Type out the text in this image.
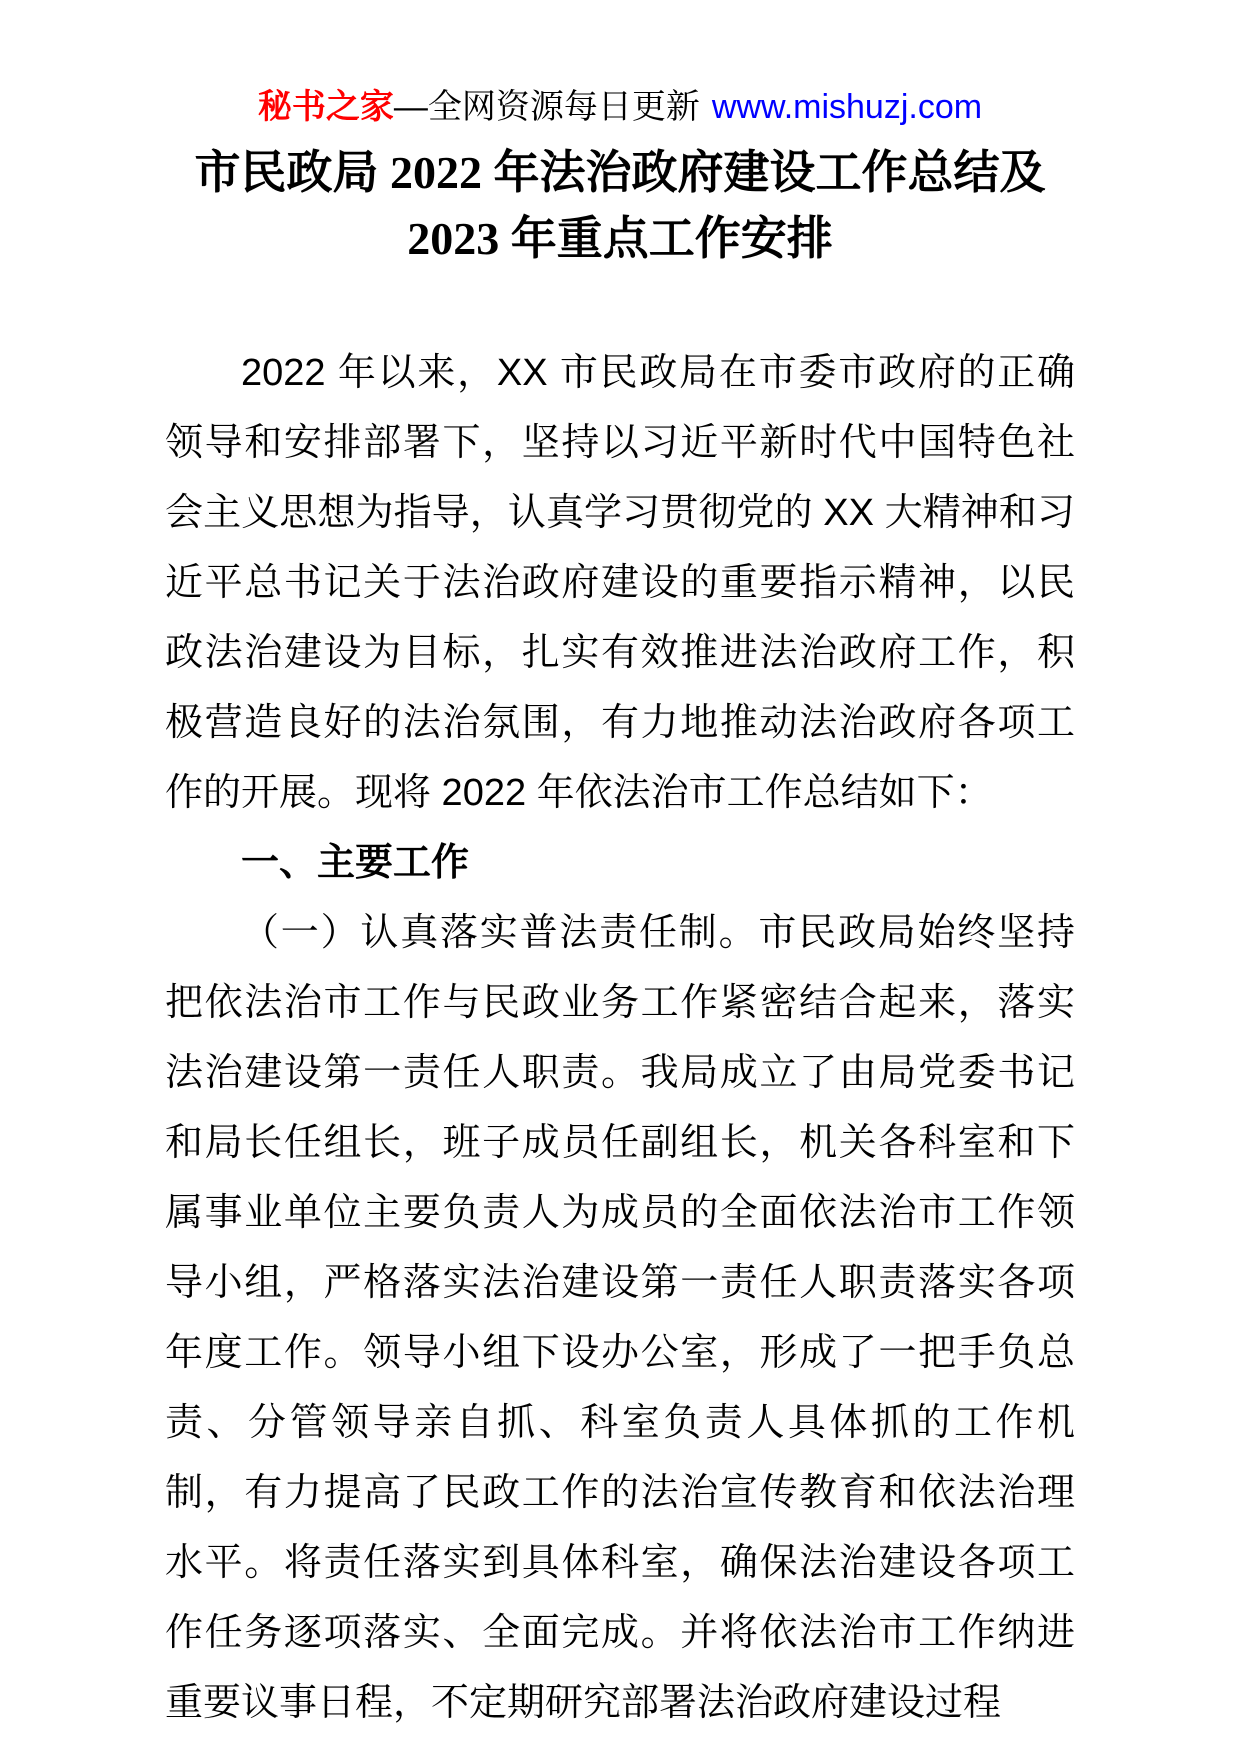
秘书之家—全网资源每日更新 www.mishuzj.com
市民政局 2022 年法治政府建设工作总结及
2023 年重点工作安排

2022 年以来，XX 市民政局在市委市政府的正确领导和安排部署下，坚持以习近平新时代中国特色社会主义思想为指导，认真学习贯彻党的 XX 大精神和习近平总书记关于法治政府建设的重要指示精神，以民政法治建设为目标，扎实有效推进法治政府工作，积极营造良好的法治氛围，有力地推动法治政府各项工作的开展。现将 2022 年依法治市工作总结如下：

一、主要工作

（一）认真落实普法责任制。市民政局始终坚持把依法治市工作与民政业务工作紧密结合起来，落实法治建设第一责任人职责。我局成立了由局党委书记和局长任组长，班子成员任副组长，机关各科室和下属事业单位主要负责人为成员的全面依法治市工作领导小组，严格落实法治建设第一责任人职责落实各项年度工作。领导小组下设办公室，形成了一把手负总责、分管领导亲自抓、科室负责人具体抓的工作机制，有力提高了民政工作的法治宣传教育和依法治理水平。将责任落实到具体科室，确保法治建设各项工作任务逐项落实、全面完成。并将依法治市工作纳进重要议事日程，不定期研究部署法治政府建设过程
